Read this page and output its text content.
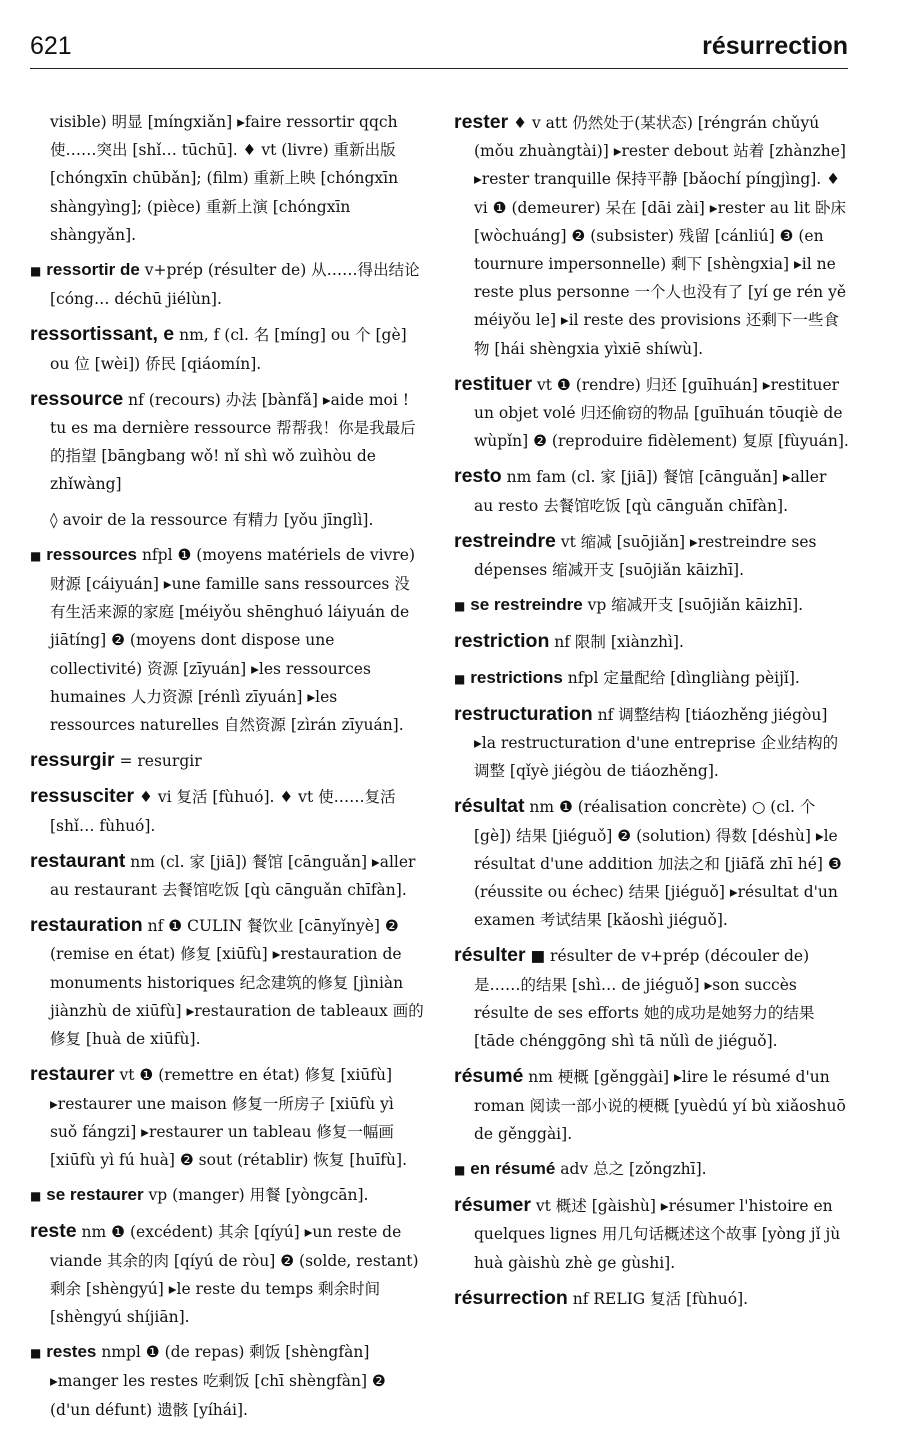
621	résurrection
visible) 明显 [míngxiǎn] ▸faire ressortir qqch 使……突出 [shǐ… tūchū]. ♦ vt (livre) 重新出版 [chóngxīn chūbǎn]; (film) 重新上映 [chóngxīn shàngyìng]; (pièce) 重新上演 [chóngxīn shàngyǎn].
■ ressortir de v+prép (résulter de) 从……得出结论 [cóng… déchū jiélùn].
ressortissant, e nm, f (cl. 名 [míng] ou 个 [gè] ou 位 [wèi]) 侨民 [qiáomín].
ressource nf (recours) 办法 [bànfǎ] ▸aide moi ! tu es ma dernière ressource 帮帮我！你是我最后的指望 [bāngbang wǒ! nǐ shì wǒ zuìhòu de zhǐwàng]
◊ avoir de la ressource 有精力 [yǒu jīnglì].
■ ressources nfpl ❶ (moyens matériels de vivre) 财源 [cáiyuán] ▸une famille sans ressources 没有生活来源的家庭 [méiyǒu shēnghuó láiyuán de jiātíng] ❷ (moyens dont dispose une collectivité) 资源 [zīyuán] ▸les ressources humaines 人力资源 [rénlì zīyuán] ▸les ressources naturelles 自然资源 [zìrán zīyuán].
ressurgir = resurgir
ressusciter ♦ vi 复活 [fùhuó]. ♦ vt 使……复活 [shǐ… fùhuó].
restaurant nm (cl. 家 [jiā]) 餐馆 [cānguǎn] ▸aller au restaurant 去餐馆吃饭 [qù cānguǎn chīfàn].
restauration nf ❶ CULIN 餐饮业 [cānyǐnyè] ❷ (remise en état) 修复 [xiūfù] ▸restauration de monuments historiques 纪念建筑的修复 [jìniàn jiànzhù de xiūfù] ▸restauration de tableaux 画的修复 [huà de xiūfù].
restaurer vt ❶ (remettre en état) 修复 [xiūfù] ▸restaurer une maison 修复一所房子 [xiūfù yì suǒ fángzi] ▸restaurer un tableau 修复一幅画 [xiūfù yì fú huà] ❷ sout (rétablir) 恢复 [huīfù].
■ se restaurer vp (manger) 用餐 [yòngcān].
reste nm ❶ (excédent) 其余 [qíyú] ▸un reste de viande 其余的肉 [qíyú de ròu] ❷ (solde, restant) 剩余 [shèngyú] ▸le reste du temps 剩余时间 [shèngyú shíjiān].
■ restes nmpl ❶ (de repas) 剩饭 [shèngfàn] ▸manger les restes 吃剩饭 [chī shèngfàn] ❷ (d'un défunt) 遗骸 [yíhái].
rester ♦ v att 仍然处于(某状态) [réngrán chǔyú (mǒu zhuàngtài)] ▸rester debout 站着 [zhànzhe] ▸rester tranquille 保持平静 [bǎochí píngjìng]. ♦ vi ❶ (demeurer) 呆在 [dāi zài] ▸rester au lit 卧床 [wòchuáng] ❷ (subsister) 残留 [cánliú] ❸ (en tournure impersonnelle) 剩下 [shèngxia] ▸il ne reste plus personne 一个人也没有了 [yí ge rén yě méiyǒu le] ▸il reste des provisions 还剩下一些食物 [hái shèngxia yìxiē shíwù].
restituer vt ❶ (rendre) 归还 [guīhuán] ▸restituer un objet volé 归还偷窃的物品 [guīhuán tōuqiè de wùpǐn] ❷ (reproduire fidèlement) 复原 [fùyuán].
resto nm fam (cl. 家 [jiā]) 餐馆 [cānguǎn] ▸aller au resto 去餐馆吃饭 [qù cānguǎn chīfàn].
restreindre vt 缩减 [suōjiǎn] ▸restreindre ses dépenses 缩减开支 [suōjiǎn kāizhī].
■ se restreindre vp 缩减开支 [suōjiǎn kāizhī].
restriction nf 限制 [xiànzhì].
■ restrictions nfpl 定量配给 [dìngliàng pèijǐ].
restructuration nf 调整结构 [tiáozhěng jiégòu] ▸la restructuration d'une entreprise 企业结构的调整 [qǐyè jiégòu de tiáozhěng].
résultat nm ❶ (réalisation concrète) ○ (cl. 个 [gè]) 结果 [jiéguǒ] ❷ (solution) 得数 [déshù] ▸le résultat d'une addition 加法之和 [jiāfǎ zhī hé] ❸ (réussite ou échec) 结果 [jiéguǒ] ▸résultat d'un examen 考试结果 [kǎoshì jiéguǒ].
résulter ■ résulter de v+prép (découler de) 是……的结果 [shì… de jiéguǒ] ▸son succès résulte de ses efforts 她的成功是她努力的结果 [tāde chénggōng shì tā nǔlì de jiéguǒ].
résumé nm 梗概 [gěnggài] ▸lire le résumé d'un roman 阅读一部小说的梗概 [yuèdú yí bù xiǎoshuō de gěnggài].
■ en résumé adv 总之 [zǒngzhī].
résumer vt 概述 [gàishù] ▸résumer l'histoire en quelques lignes 用几句话概述这个故事 [yòng jǐ jù huà gàishù zhè ge gùshi].
résurrection nf RELIG 复活 [fùhuó].
